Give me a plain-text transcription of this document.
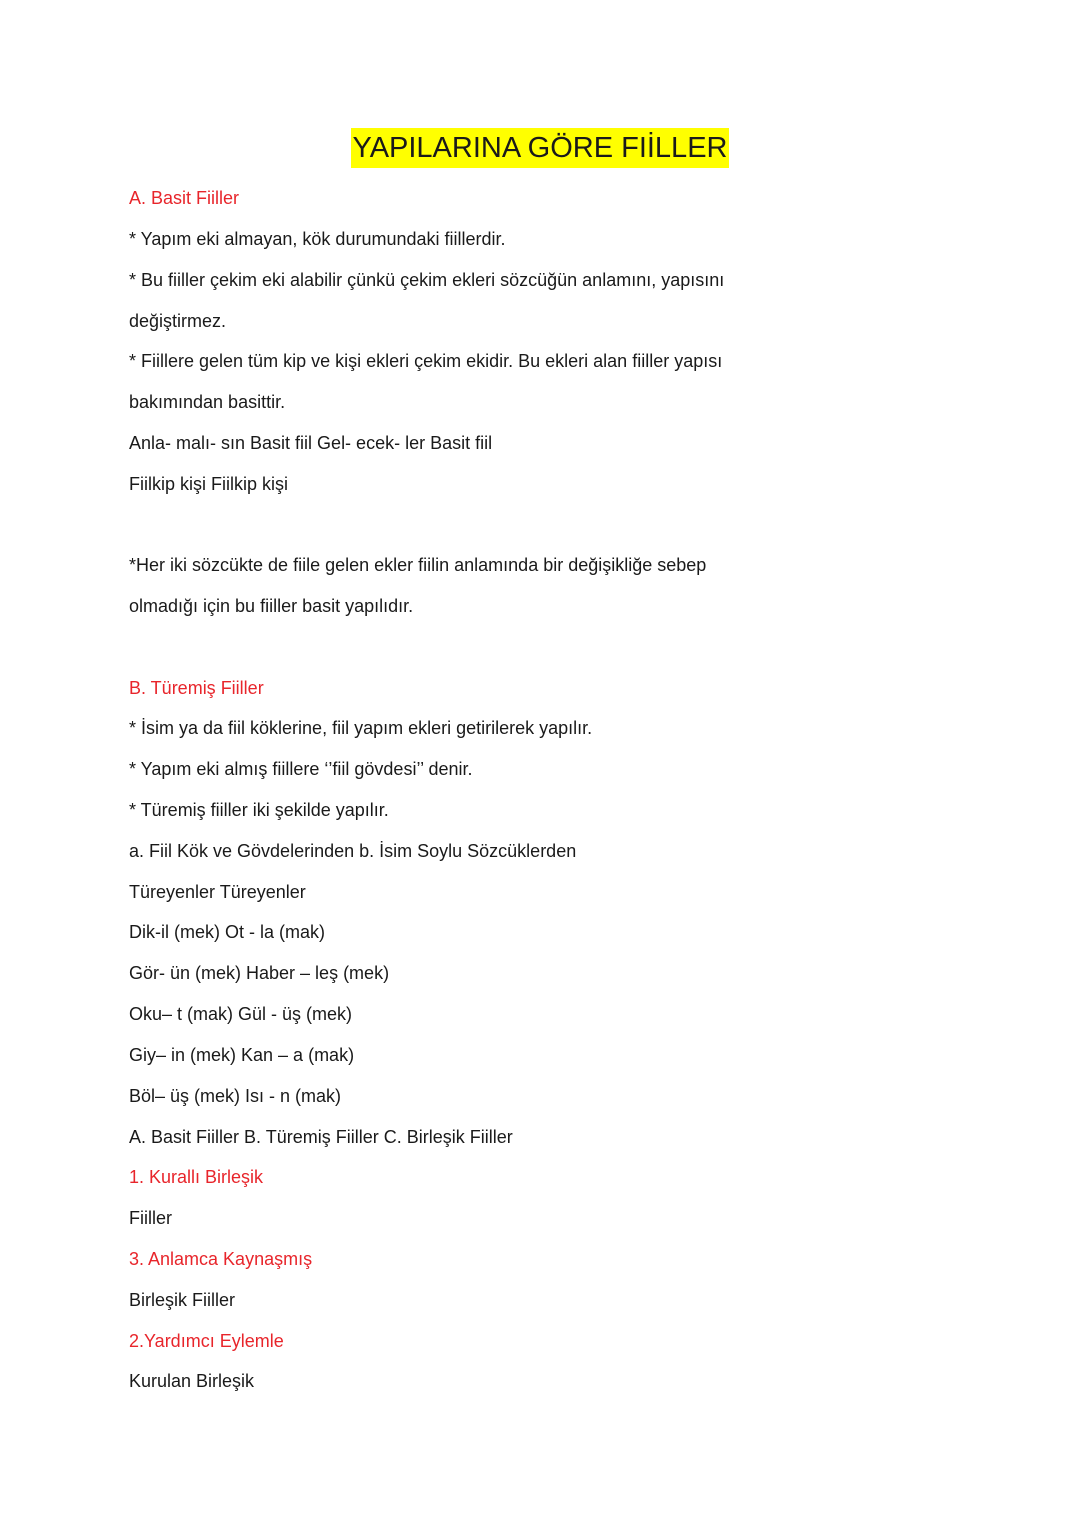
YAPILARINA GÖRE FIİLLER
A. Basit Fiiller
* Yapım eki almayan, kök durumundaki fiillerdir.
* Bu fiiller çekim eki alabilir çünkü çekim ekleri sözcüğün anlamını, yapısını
değiştirmez.
* Fiillere gelen tüm kip ve kişi ekleri çekim ekidir. Bu ekleri alan fiiller yapısı
bakımından basittir.
Anla- malı- sın Basit fiil Gel- ecek- ler Basit fiil
Fiilkip kişi Fiilkip kişi
*Her iki sözcükte de fiile gelen ekler fiilin anlamında bir değişikliğe sebep
olmadığı için bu fiiller basit yapılıdır.
B. Türemiş Fiiller
* İsim ya da fiil köklerine, fiil yapım ekleri getirilerek yapılır.
* Yapım eki almış fiillere ‘’fiil gövdesi’’ denir.
* Türemiş fiiller iki şekilde yapılır.
a. Fiil Kök ve Gövdelerinden b. İsim Soylu Sözcüklerden
Türeyenler Türeyenler
Dik-il (mek) Ot - la (mak)
Gör- ün (mek) Haber – leş (mek)
Oku– t (mak) Gül - üş (mek)
Giy– in (mek) Kan – a (mak)
Böl– üş (mek) Isı - n (mak)
A. Basit Fiiller B. Türemiş Fiiller C. Birleşik Fiiller
1. Kurallı Birleşik
Fiiller
3. Anlamca Kaynaşmış
Birleşik Fiiller
2.Yardımcı Eylemle
Kurulan Birleşik
